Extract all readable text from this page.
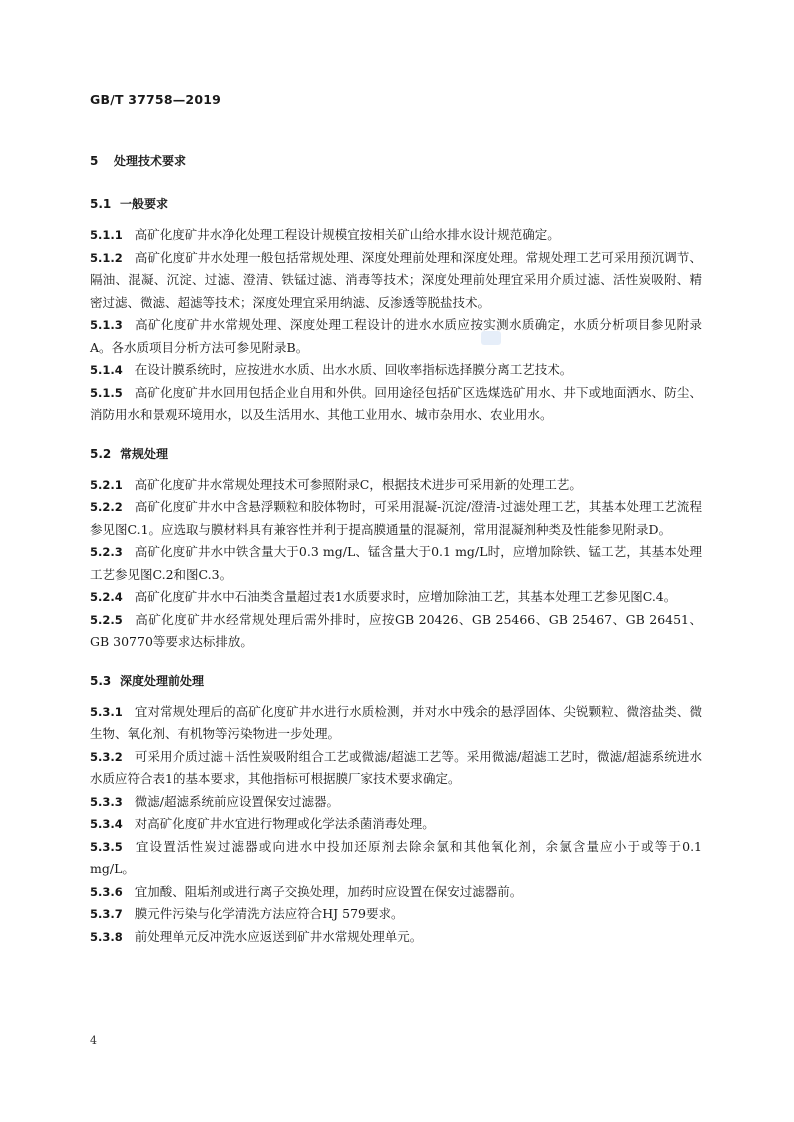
GB/T 37758—2019
5 处理技术要求
5.1 一般要求
5.1.1 高矿化度矿井水净化处理工程设计规模宜按相关矿山给水排水设计规范确定。
5.1.2 高矿化度矿井水处理一般包括常规处理、深度处理前处理和深度处理。常规处理工艺可采用预沉调节、隔油、混凝、沉淀、过滤、澄清、铁锰过滤、消毒等技术；深度处理前处理宜采用介质过滤、活性炭吸附、精密过滤、微滤、超滤等技术；深度处理宜采用纳滤、反渗透等脱盐技术。
5.1.3 高矿化度矿井水常规处理、深度处理工程设计的进水水质应按实测水质确定，水质分析项目参见附录A。各水质项目分析方法可参见附录B。
5.1.4 在设计膜系统时，应按进水水质、出水水质、回收率指标选择膜分离工艺技术。
5.1.5 高矿化度矿井水回用包括企业自用和外供。回用途径包括矿区选煤选矿用水、井下或地面洒水、防尘、消防用水和景观环境用水，以及生活用水、其他工业用水、城市杂用水、农业用水。
5.2 常规处理
5.2.1 高矿化度矿井水常规处理技术可参照附录C，根据技术进步可采用新的处理工艺。
5.2.2 高矿化度矿井水中含悬浮颗粒和胶体物时，可采用混凝-沉淀/澄清-过滤处理工艺，其基本处理工艺流程参见图C.1。应选取与膜材料具有兼容性并利于提高膜通量的混凝剂，常用混凝剂种类及性能参见附录D。
5.2.3 高矿化度矿井水中铁含量大于0.3 mg/L、锰含量大于0.1 mg/L时，应增加除铁、锰工艺，其基本处理工艺参见图C.2和图C.3。
5.2.4 高矿化度矿井水中石油类含量超过表1水质要求时，应增加除油工艺，其基本处理工艺参见图C.4。
5.2.5 高矿化度矿井水经常规处理后需外排时，应按GB 20426、GB 25466、GB 25467、GB 26451、GB 30770等要求达标排放。
5.3 深度处理前处理
5.3.1 宜对常规处理后的高矿化度矿井水进行水质检测，并对水中残余的悬浮固体、尖锐颗粒、微溶盐类、微生物、氧化剂、有机物等污染物进一步处理。
5.3.2 可采用介质过滤＋活性炭吸附组合工艺或微滤/超滤工艺等。采用微滤/超滤工艺时，微滤/超滤系统进水水质应符合表1的基本要求，其他指标可根据膜厂家技术要求确定。
5.3.3 微滤/超滤系统前应设置保安过滤器。
5.3.4 对高矿化度矿井水宜进行物理或化学法杀菌消毒处理。
5.3.5 宜设置活性炭过滤器或向进水中投加还原剂去除余氯和其他氧化剂，余氯含量应小于或等于0.1 mg/L。
5.3.6 宜加酸、阻垢剂或进行离子交换处理，加药时应设置在保安过滤器前。
5.3.7 膜元件污染与化学清洗方法应符合HJ 579要求。
5.3.8 前处理单元反冲洗水应返送到矿井水常规处理单元。
4
